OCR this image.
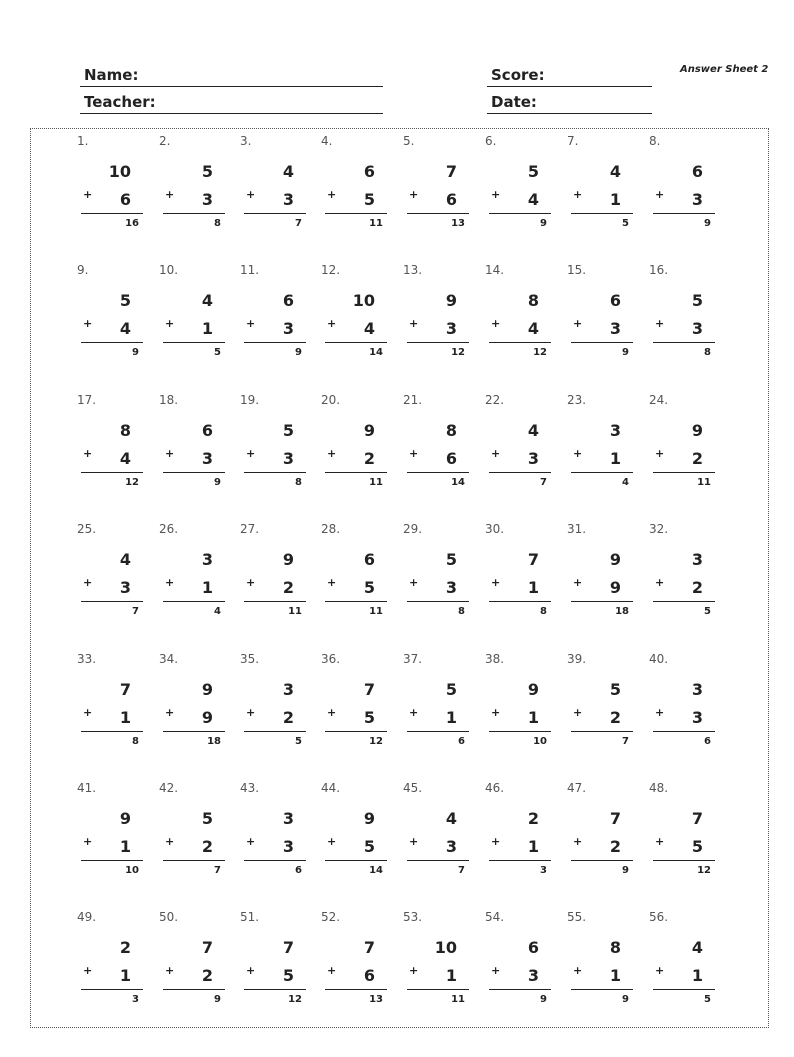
Name:
Teacher:
Score:
Date:
Answer Sheet 2
1.
10
+ 6
16
2.
5
+ 3
8
3.
4
+ 3
7
4.
6
+ 5
11
5.
7
+ 6
13
6.
5
+ 4
9
7.
4
+ 1
5
8.
6
+ 3
9
9.
5
+ 4
9
10.
4
+ 1
5
11.
6
+ 3
9
12.
10
+ 4
14
13.
9
+ 3
12
14.
8
+ 4
12
15.
6
+ 3
9
16.
5
+ 3
8
17.
8
+ 4
12
18.
6
+ 3
9
19.
5
+ 3
8
20.
9
+ 2
11
21.
8
+ 6
14
22.
4
+ 3
7
23.
3
+ 1
4
24.
9
+ 2
11
25.
4
+ 3
7
26.
3
+ 1
4
27.
9
+ 2
11
28.
6
+ 5
11
29.
5
+ 3
8
30.
7
+ 1
8
31.
9
+ 9
18
32.
3
+ 2
5
33.
7
+ 1
8
34.
9
+ 9
18
35.
3
+ 2
5
36.
7
+ 5
12
37.
5
+ 1
6
38.
9
+ 1
10
39.
5
+ 2
7
40.
3
+ 3
6
41.
9
+ 1
10
42.
5
+ 2
7
43.
3
+ 3
6
44.
9
+ 5
14
45.
4
+ 3
7
46.
2
+ 1
3
47.
7
+ 2
9
48.
7
+ 5
12
49.
2
+ 1
3
50.
7
+ 2
9
51.
7
+ 5
12
52.
7
+ 6
13
53.
10
+ 1
11
54.
6
+ 3
9
55.
8
+ 1
9
56.
4
+ 1
5
